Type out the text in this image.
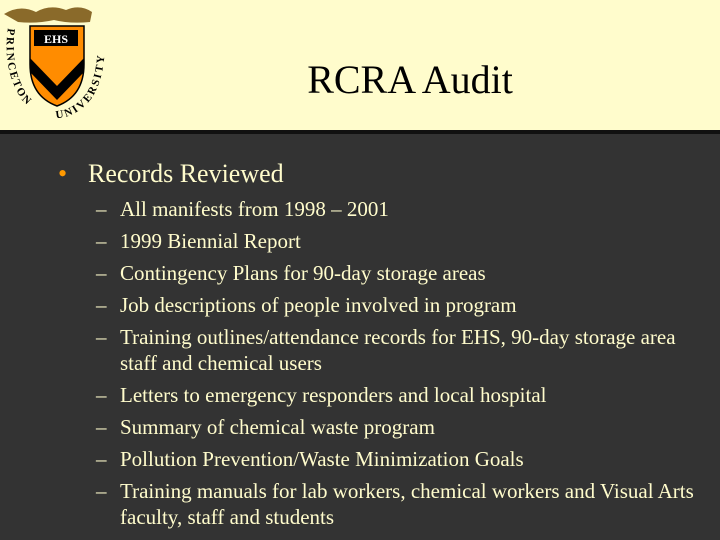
EHS
PRINCETON
UNIVERSITY	RCRA Audit
• Records Reviewed
– All manifests from 1998 – 2001
– 1999 Biennial Report
– Contingency Plans for 90-day storage areas
– Job descriptions of people involved in program
– Training outlines/attendance records for EHS, 90-day storage area staff and chemical users
– Letters to emergency responders and local hospital
– Summary of chemical waste program
– Pollution Prevention/Waste Minimization Goals
– Training manuals for lab workers, chemical workers and Visual Arts faculty, staff and students
